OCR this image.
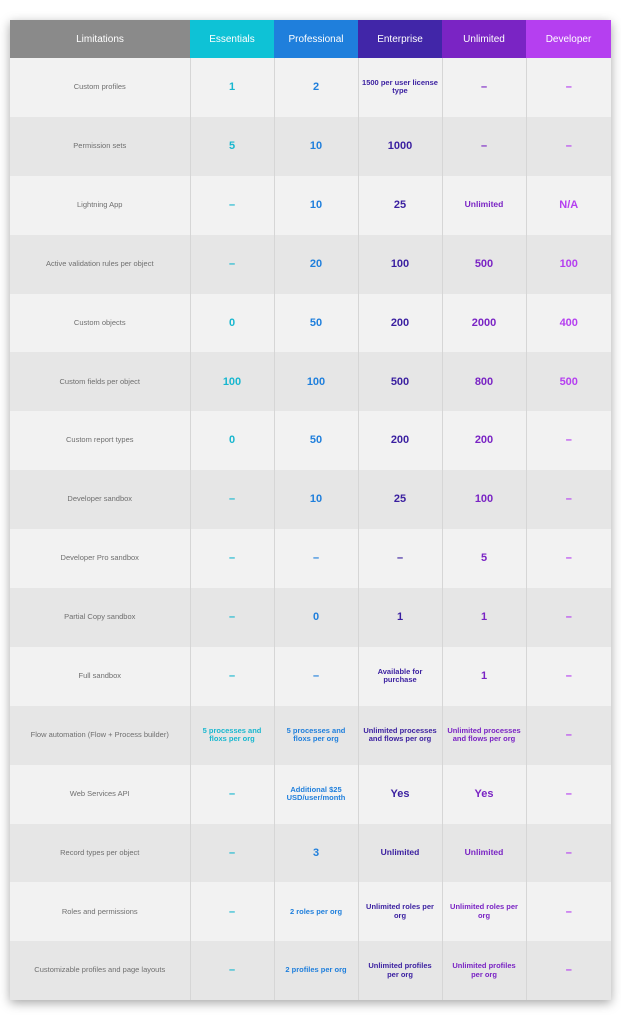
Limitations	Essentials	Professional	Enterprise	Unlimited	Developer
Custom profiles	1	2	1500 per user license type	–	–
Permission sets	5	10	1000	–	–
Lightning App	–	10	25	Unlimited	N/A
Active validation rules per object	–	20	100	500	100
Custom objects	0	50	200	2000	400
Custom fields per object	100	100	500	800	500
Custom report types	0	50	200	200	–
Developer sandbox	–	10	25	100	–
Developer Pro sandbox	–	–	–	5	–
Partial Copy sandbox	–	0	1	1	–
Full sandbox	–	–	Available for purchase	1	–
Flow automation (Flow + Process builder)	5 processes and floxs per org	5 processes and floxs per org	Unlimited processes and flows per org	Unlimited processes and flows per org	–
Web Services API	–	Additional $25 USD/user/month	Yes	Yes	–
Record types per object	–	3	Unlimited	Unlimited	–
Roles and permissions	–	2 roles per org	Unlimited roles per org	Unlimited roles per org	–
Customizable profiles and page layouts	–	2 profiles per org	Unlimited profiles per org	Unlimited profiles per org	–
